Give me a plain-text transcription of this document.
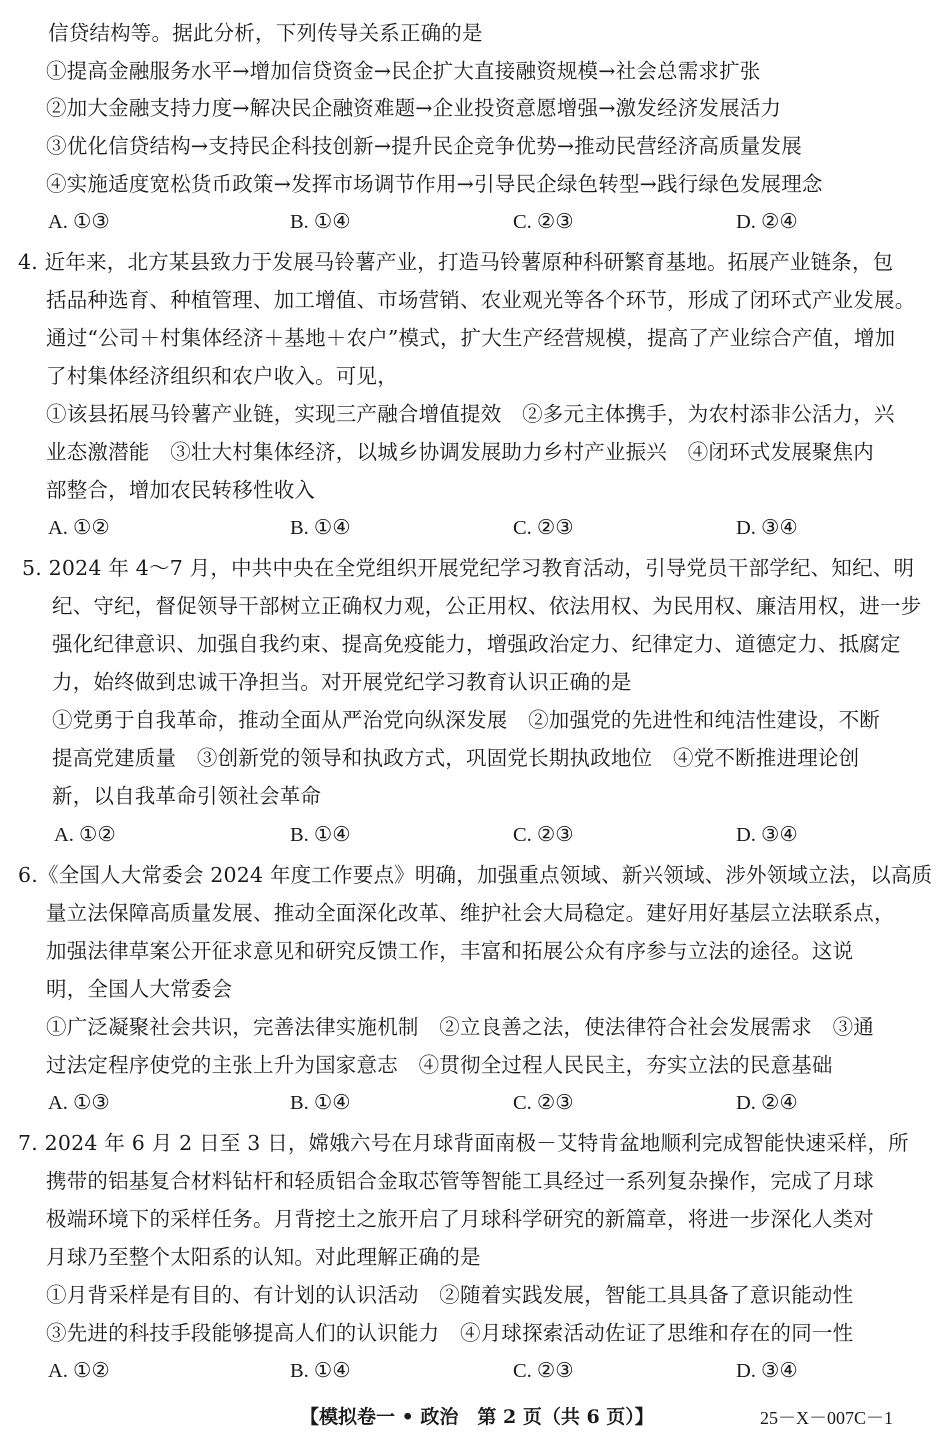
信贷结构等。据此分析，下列传导关系正确的是
①提高金融服务水平→增加信贷资金→民企扩大直接融资规模→社会总需求扩张
②加大金融支持力度→解决民企融资难题→企业投资意愿增强→激发经济发展活力
③优化信贷结构→支持民企科技创新→提升民企竞争优势→推动民营经济高质量发展
④实施适度宽松货币政策→发挥市场调节作用→引导民企绿色转型→践行绿色发展理念
A. ①③	B. ①④	C. ②③	D. ②④
4. 近年来，北方某县致力于发展马铃薯产业，打造马铃薯原种科研繁育基地。拓展产业链条，包
括品种选育、种植管理、加工增值、市场营销、农业观光等各个环节，形成了闭环式产业发展。
通过“公司＋村集体经济＋基地＋农户”模式，扩大生产经营规模，提高了产业综合产值，增加
了村集体经济组织和农户收入。可见，
①该县拓展马铃薯产业链，实现三产融合增值提效　②多元主体携手，为农村添非公活力，兴
业态激潜能　③壮大村集体经济，以城乡协调发展助力乡村产业振兴　④闭环式发展聚焦内
部整合，增加农民转移性收入
A. ①②	B. ①④	C. ②③	D. ③④
5. 2024 年 4～7 月，中共中央在全党组织开展党纪学习教育活动，引导党员干部学纪、知纪、明
纪、守纪，督促领导干部树立正确权力观，公正用权、依法用权、为民用权、廉洁用权，进一步
强化纪律意识、加强自我约束、提高免疫能力，增强政治定力、纪律定力、道德定力、抵腐定
力，始终做到忠诚干净担当。对开展党纪学习教育认识正确的是
①党勇于自我革命，推动全面从严治党向纵深发展　②加强党的先进性和纯洁性建设，不断
提高党建质量　③创新党的领导和执政方式，巩固党长期执政地位　④党不断推进理论创
新，以自我革命引领社会革命
A. ①②	B. ①④	C. ②③	D. ③④
6.《全国人大常委会 2024 年度工作要点》明确，加强重点领域、新兴领域、涉外领域立法，以高质
量立法保障高质量发展、推动全面深化改革、维护社会大局稳定。建好用好基层立法联系点，
加强法律草案公开征求意见和研究反馈工作，丰富和拓展公众有序参与立法的途径。这说
明，全国人大常委会
①广泛凝聚社会共识，完善法律实施机制　②立良善之法，使法律符合社会发展需求　③通
过法定程序使党的主张上升为国家意志　④贯彻全过程人民民主，夯实立法的民意基础
A. ①③	B. ①④	C. ②③	D. ②④
7. 2024 年 6 月 2 日至 3 日，嫦娥六号在月球背面南极－艾特肯盆地顺利完成智能快速采样，所
携带的铝基复合材料钻杆和轻质铝合金取芯管等智能工具经过一系列复杂操作，完成了月球
极端环境下的采样任务。月背挖土之旅开启了月球科学研究的新篇章，将进一步深化人类对
月球乃至整个太阳系的认知。对此理解正确的是
①月背采样是有目的、有计划的认识活动　②随着实践发展，智能工具具备了意识能动性
③先进的科技手段能够提高人们的认识能力　④月球探索活动佐证了思维和存在的同一性
A. ①②	B. ①④	C. ②③	D. ③④
【模拟卷一 • 政治　第 2 页（共 6 页）】	25－X－007C－1
